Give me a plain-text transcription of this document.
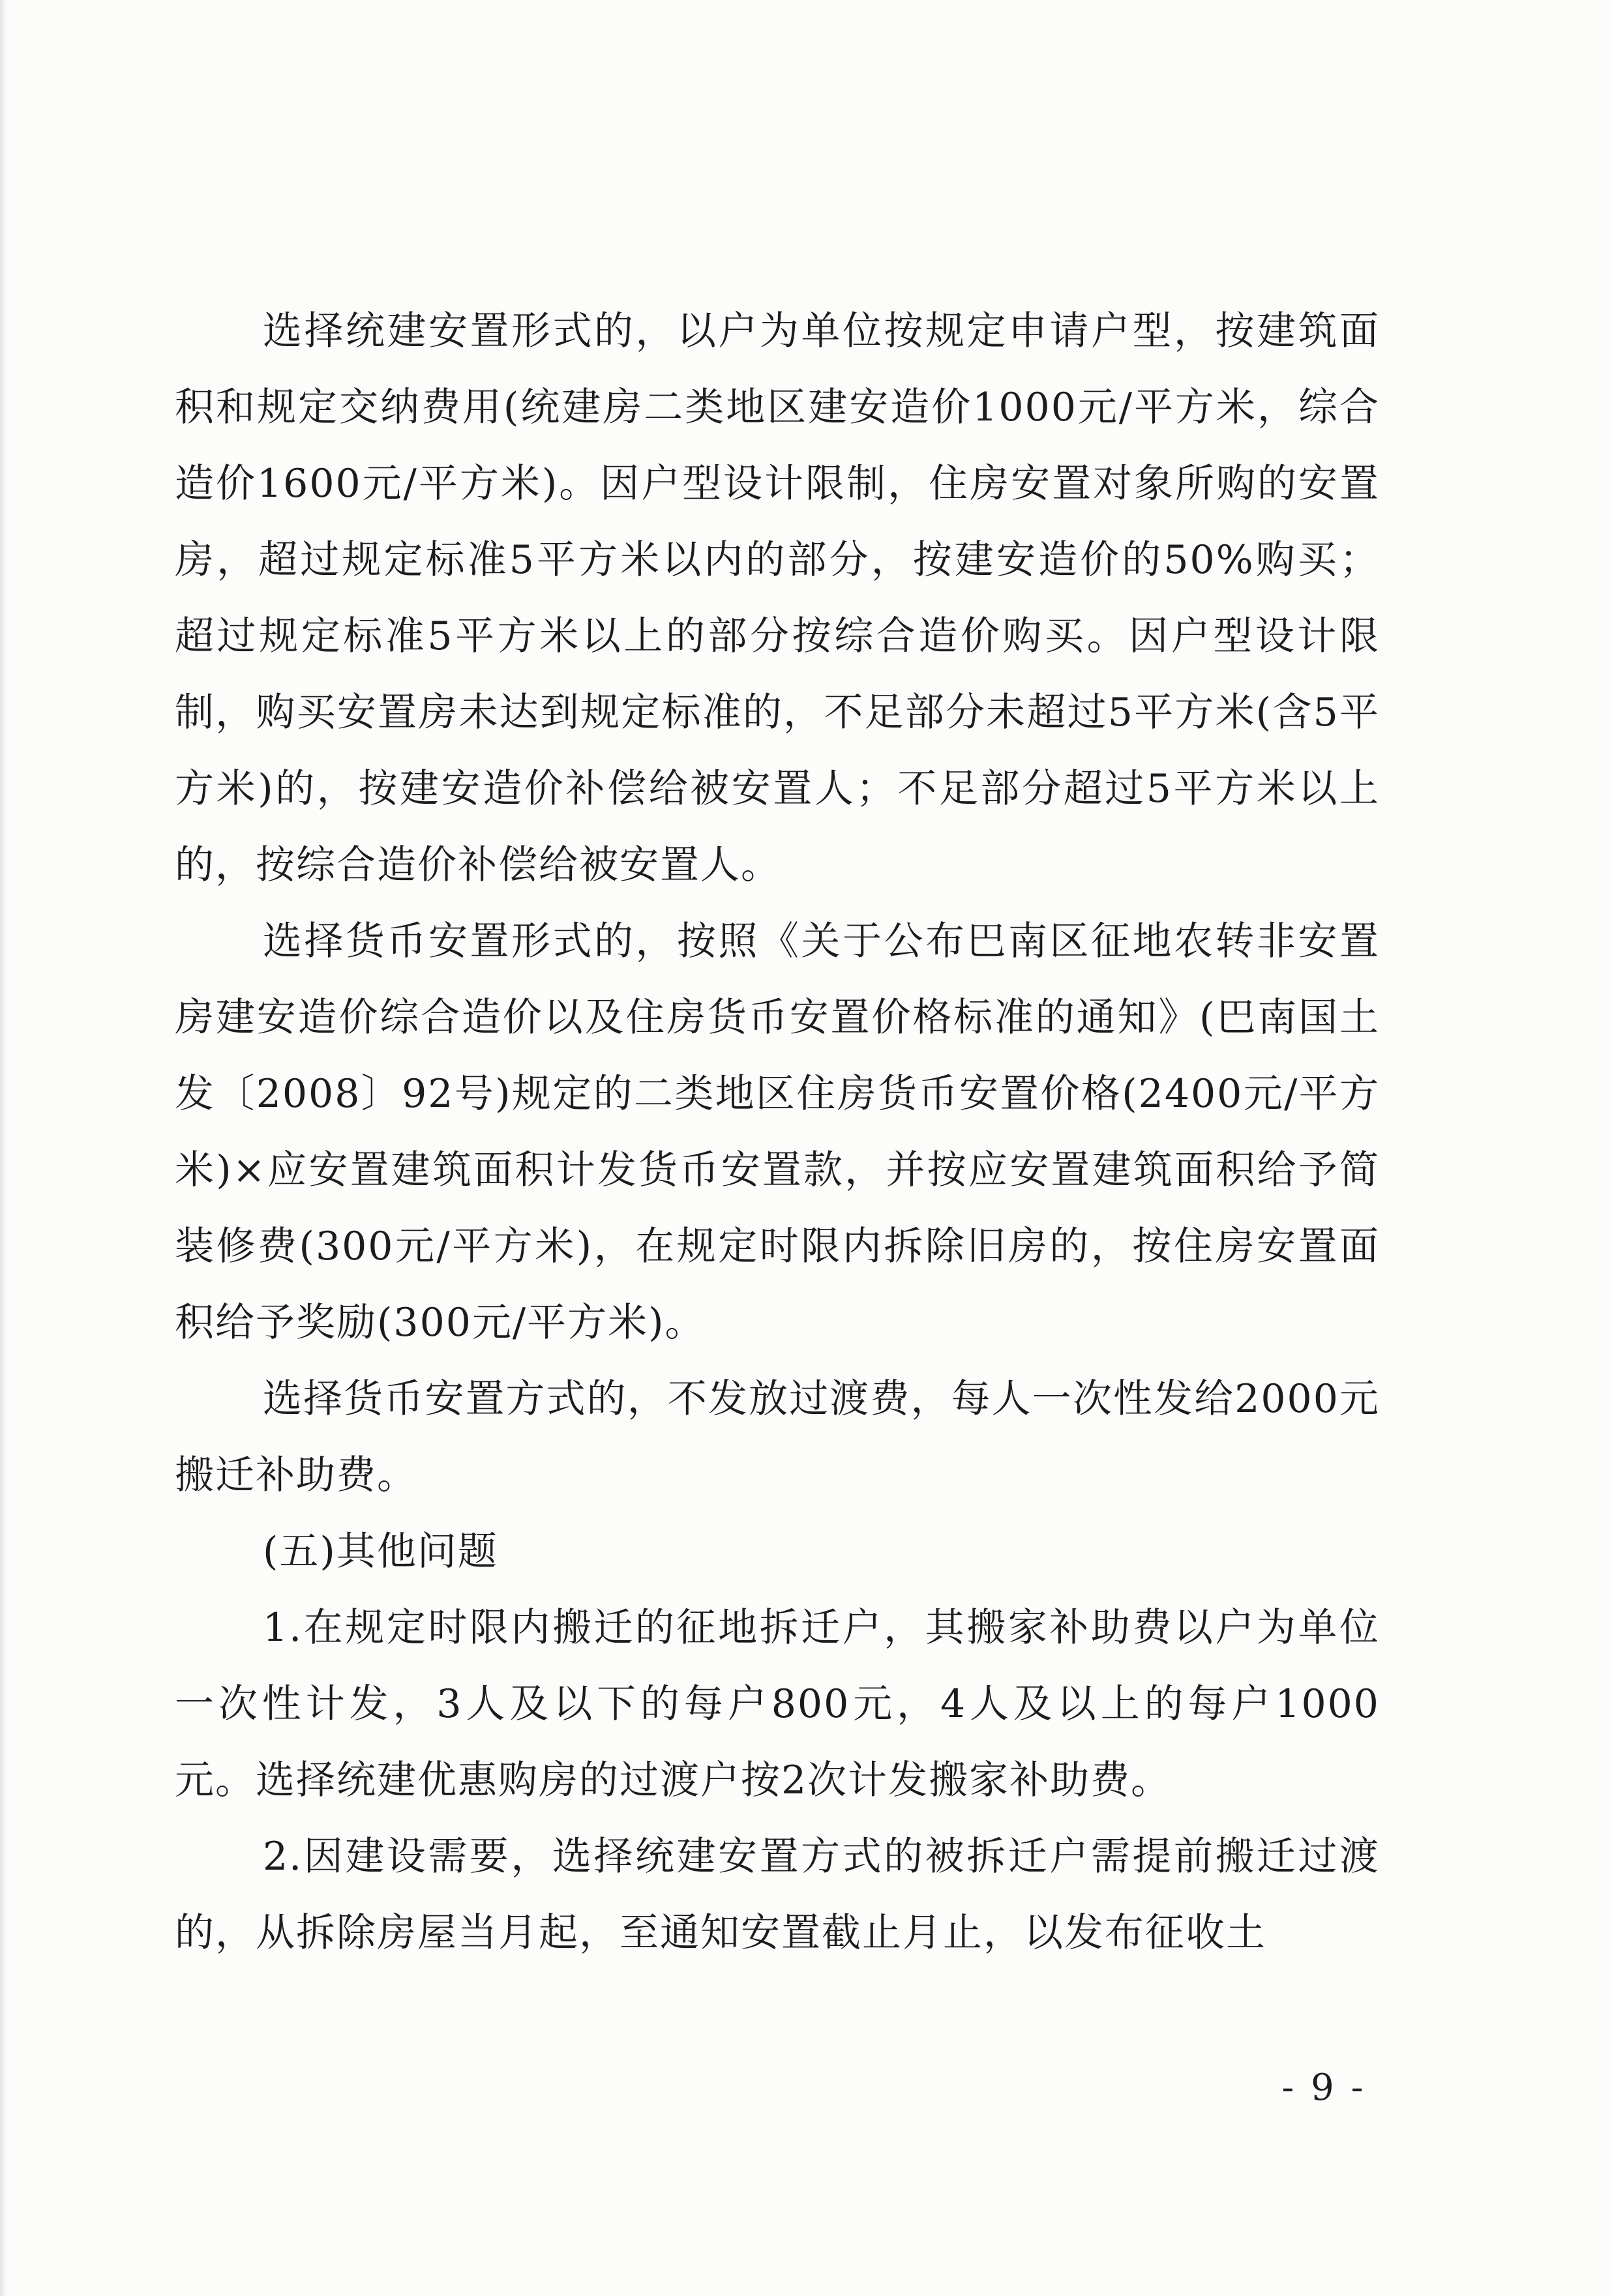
选择统建安置形式的，以户为单位按规定申请户型，按建筑面积和规定交纳费用(统建房二类地区建安造价1000元/平方米，综合造价1600元/平方米)。因户型设计限制，住房安置对象所购的安置房，超过规定标准5平方米以内的部分，按建安造价的50%购买；超过规定标准5平方米以上的部分按综合造价购买。因户型设计限制，购买安置房未达到规定标准的，不足部分未超过5平方米(含5平方米)的，按建安造价补偿给被安置人；不足部分超过5平方米以上的，按综合造价补偿给被安置人。

选择货币安置形式的，按照《关于公布巴南区征地农转非安置房建安造价综合造价以及住房货币安置价格标准的通知》(巴南国土发〔2008〕92号)规定的二类地区住房货币安置价格(2400元/平方米)×应安置建筑面积计发货币安置款，并按应安置建筑面积给予简装修费(300元/平方米)，在规定时限内拆除旧房的，按住房安置面积给予奖励(300元/平方米)。

选择货币安置方式的，不发放过渡费，每人一次性发给2000元搬迁补助费。

(五)其他问题

1.在规定时限内搬迁的征地拆迁户，其搬家补助费以户为单位一次性计发，3人及以下的每户800元，4人及以上的每户1000元。选择统建优惠购房的过渡户按2次计发搬家补助费。

2.因建设需要，选择统建安置方式的被拆迁户需提前搬迁过渡的，从拆除房屋当月起，至通知安置截止月止，以发布征收土

- 9 -
